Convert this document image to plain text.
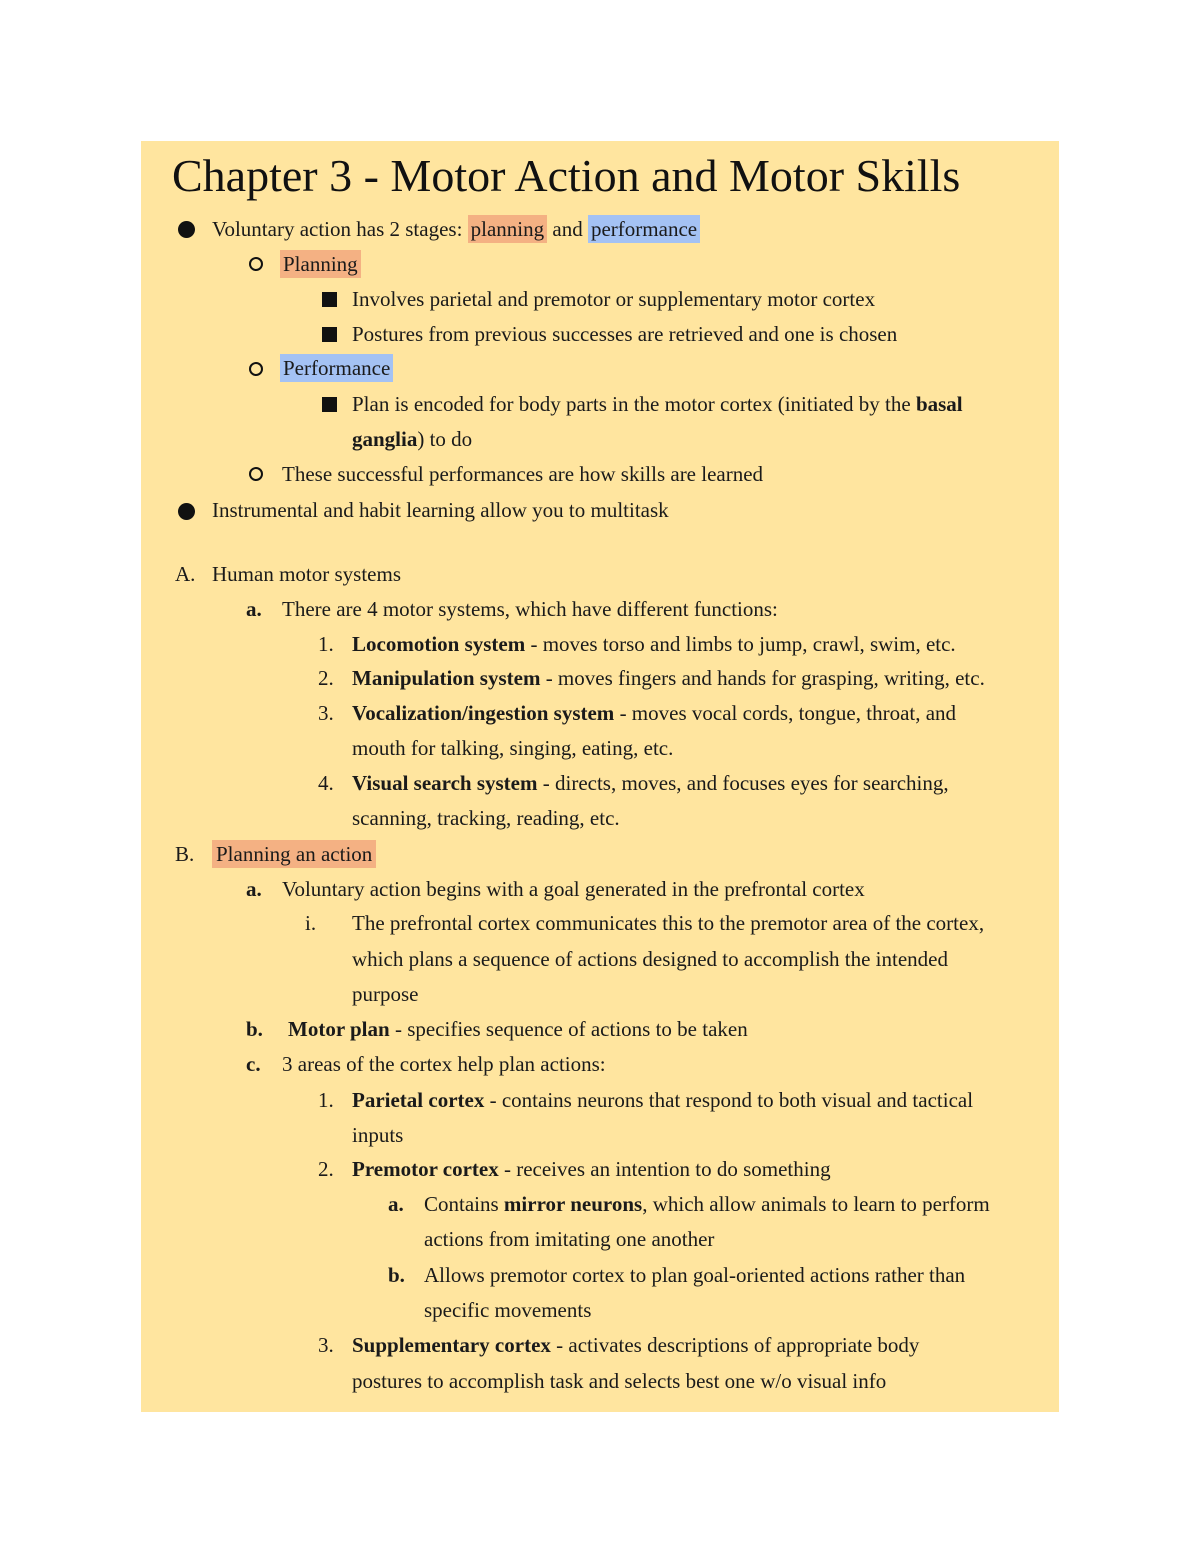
Chapter 3 - Motor Action and Motor Skills
Voluntary action has 2 stages: planning and performance
Planning
Involves parietal and premotor or supplementary motor cortex
Postures from previous successes are retrieved and one is chosen
Performance
Plan is encoded for body parts in the motor cortex (initiated by the basal
ganglia) to do
These successful performances are how skills are learned
Instrumental and habit learning allow you to multitask
A. Human motor systems
a. There are 4 motor systems, which have different functions:
1. Locomotion system - moves torso and limbs to jump, crawl, swim, etc.
2. Manipulation system - moves fingers and hands for grasping, writing, etc.
3. Vocalization/ingestion system - moves vocal cords, tongue, throat, and
mouth for talking, singing, eating, etc.
4. Visual search system - directs, moves, and focuses eyes for searching,
scanning, tracking, reading, etc.
B. Planning an action
a. Voluntary action begins with a goal generated in the prefrontal cortex
i. The prefrontal cortex communicates this to the premotor area of the cortex,
which plans a sequence of actions designed to accomplish the intended
purpose
b. Motor plan - specifies sequence of actions to be taken
c. 3 areas of the cortex help plan actions:
1. Parietal cortex - contains neurons that respond to both visual and tactical
inputs
2. Premotor cortex - receives an intention to do something
a. Contains mirror neurons, which allow animals to learn to perform
actions from imitating one another
b. Allows premotor cortex to plan goal-oriented actions rather than
specific movements
3. Supplementary cortex - activates descriptions of appropriate body
postures to accomplish task and selects best one w/o visual info
